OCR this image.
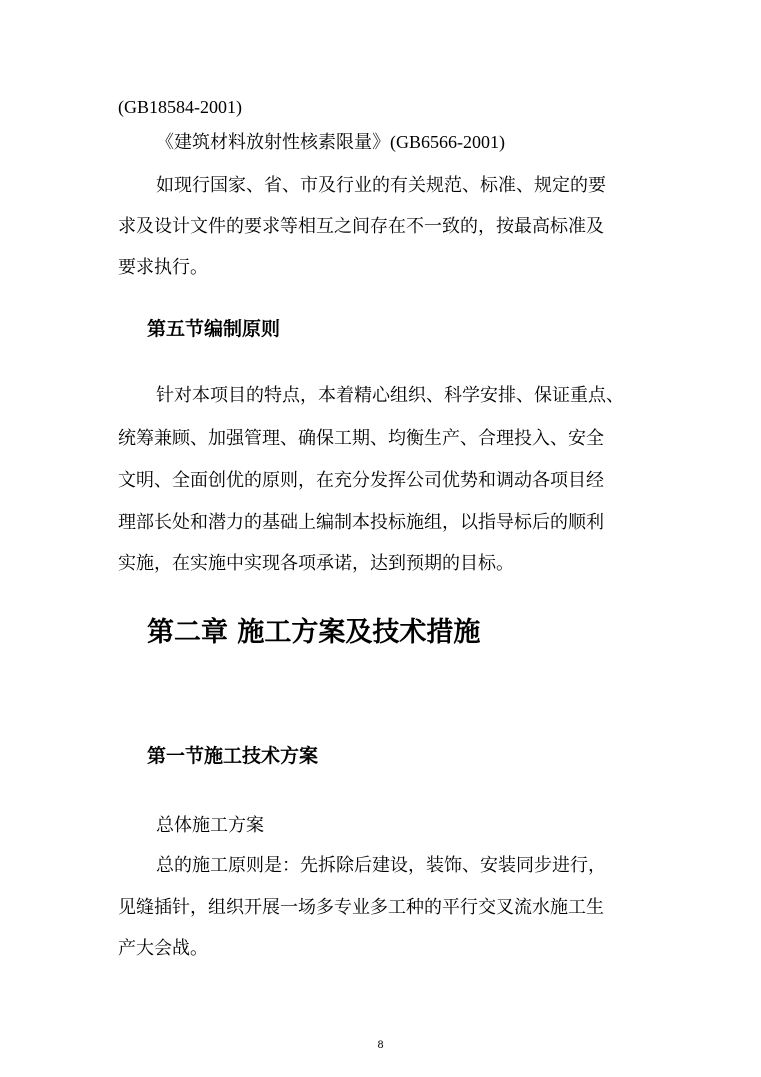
(GB18584-2001)
《建筑材料放射性核素限量》(GB6566-2001)
如现行国家、省、市及行业的有关规范、标准、规定的要
求及设计文件的要求等相互之间存在不一致的，按最高标准及
要求执行。
第五节编制原则
针对本项目的特点，本着精心组织、科学安排、保证重点、
统筹兼顾、加强管理、确保工期、均衡生产、合理投入、安全
文明、全面创优的原则，在充分发挥公司优势和调动各项目经
理部长处和潜力的基础上编制本投标施组，以指导标后的顺利
实施，在实施中实现各项承诺，达到预期的目标。
第二章 施工方案及技术措施
第一节施工技术方案
总体施工方案
总的施工原则是：先拆除后建设，装饰、安装同步进行，
见缝插针，组织开展一场多专业多工种的平行交叉流水施工生
产大会战。
8
